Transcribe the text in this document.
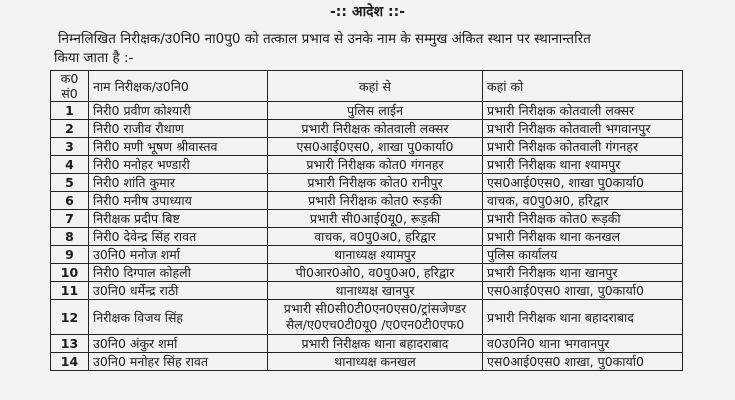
-:: आदेश ::-
निम्नलिखित निरीक्षक/उ0नि0 ना0पु0 को तत्काल प्रभाव से उनके नाम के सम्मुख अंकित स्थान पर स्थानान्तरित
किया जाता है :-
क0
सं0	नाम निरीक्षक/उ0नि0	कहां से	कहां को
1	निरी0 प्रवीण कोश्यारी	पुलिस लाईन	प्रभारी निरीक्षक कोतवाली लक्सर
2	निरी0 राजीव रौथाण	प्रभारी निरीक्षक कोतवाली लक्सर	प्रभारी निरीक्षक कोतवाली भगवानपुर
3	निरी0 मणी भूषण श्रीवास्तव	एस0आई0एस0, शाखा पु0कार्या0	प्रभारी निरीक्षक कोतवाली गंगनहर
4	निरी0 मनोहर भण्डारी	प्रभारी निरीक्षक कोत0 गंगनहर	प्रभारी निरीक्षक थाना श्यामपुर
5	निरी0 शांति कुमार	प्रभारी निरीक्षक कोत0 रानीपुर	एस0आई0एस0, शाखा पु0कार्या0
6	निरी0 मनीष उपाध्याय	प्रभारी निरीक्षक कोत0 रूड़की	वाचक, व0पु0अ0, हरिद्वार
7	निरीक्षक प्रदीप बिष्ट	प्रभारी सी0आई0यू0, रूड़की	प्रभारी निरीक्षक कोत0 रूड़की
8	निरी0 देवेन्द्र सिंह रावत	वाचक, व0पु0अ0, हरिद्वार	प्रभारी निरीक्षक थाना कनखल
9	उ0नि0 मनोज शर्मा	थानाध्यक्ष श्यामपुर	पुलिस कार्यालय
10	निरी0 दिग्पाल कोहली	पी0आर0ओ0, व0पु0अ0, हरिद्वार	प्रभारी निरीक्षक थाना खानपुर
11	उ0नि0 धर्मेन्द्र राठी	थानाध्यक्ष खानपुर	एस0आई0एस0 शाखा, पु0कार्या0
12	निरीक्षक विजय सिंह	प्रभारी सी0सी0टी0एन0एस0/ट्रांसजेण्डर सैल/ए0एच0टी0यू0 /ए0एन0टी0एफ0	प्रभारी निरीक्षक थाना बहादराबाद
13	उ0नि0 अंकुर शर्मा	प्रभारी निरीक्षक थाना बहादराबाद	व0उ0नि0 थाना भगवानपुर
14	उ0नि0 मनोहर सिंह रावत	थानाध्यक्ष कनखल	एस0आई0एस0 शाखा, पु0कार्या0
